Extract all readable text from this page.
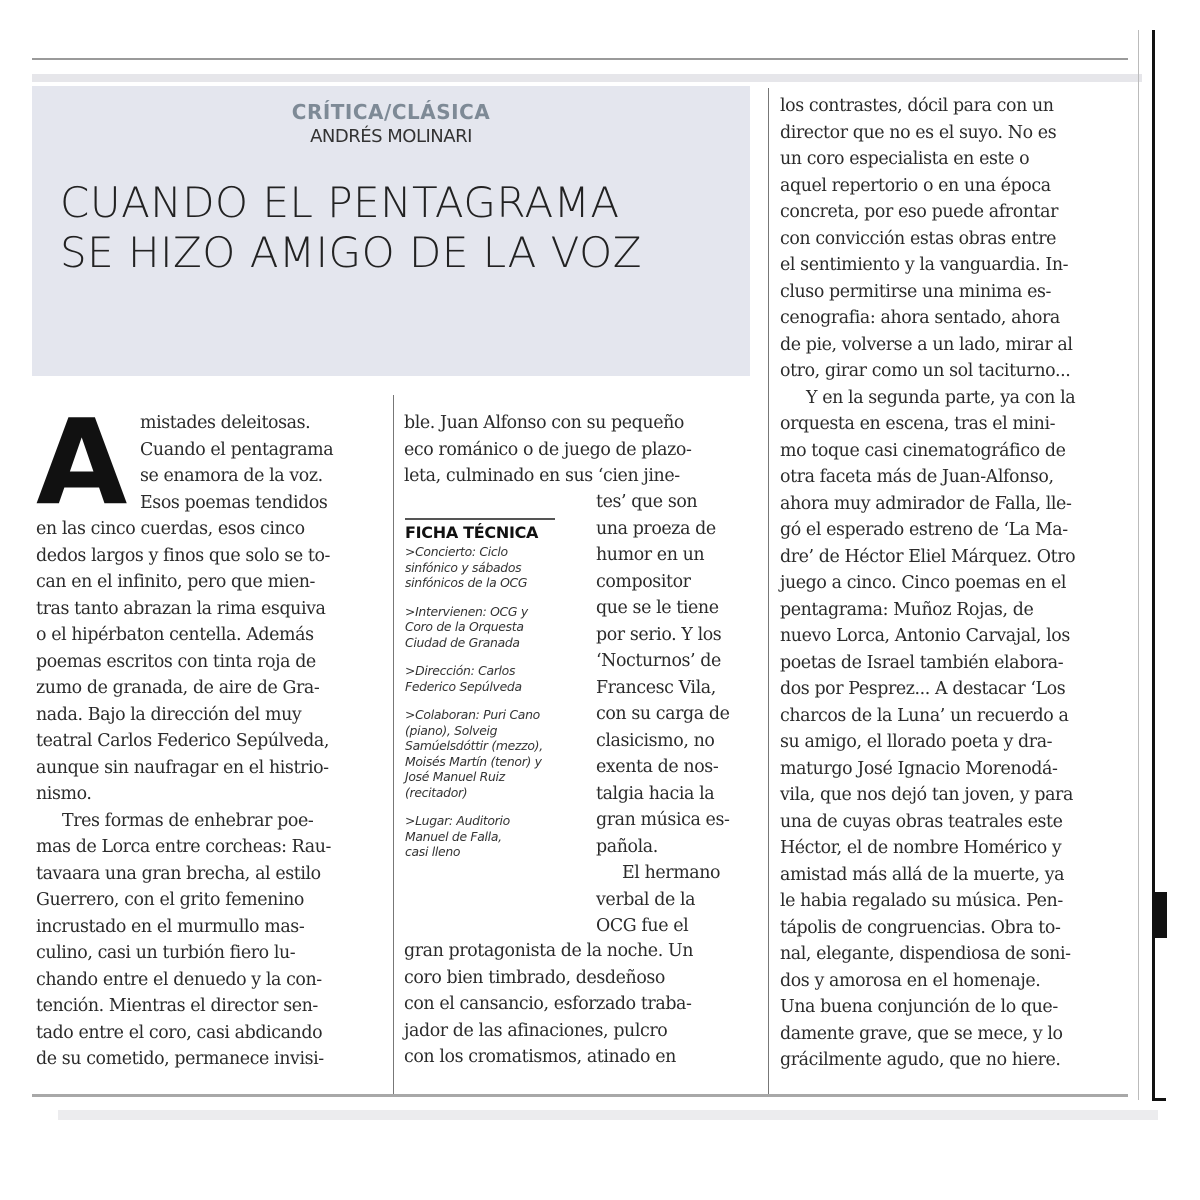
CRÍTICA/CLÁSICA
ANDRÉS MOLINARI
CUANDO EL PENTAGRAMA
SE HIZO AMIGO DE LA VOZ
A mistades deleitosas.
Cuando el pentagrama
se enamora de la voz.
Esos poemas tendidos
en las cinco cuerdas, esos cinco
dedos largos y finos que solo se to-
can en el infinito, pero que mien-
tras tanto abrazan la rima esquiva
o el hipérbaton centella. Además
poemas escritos con tinta roja de
zumo de granada, de aire de Gra-
nada. Bajo la dirección del muy
teatral Carlos Federico Sepúlveda,
aunque sin naufragar en el histrio-
nismo.
Tres formas de enhebrar poe-
mas de Lorca entre corcheas: Rau-
tavaara una gran brecha, al estilo
Guerrero, con el grito femenino
incrustado en el murmullo mas-
culino, casi un turbión fiero lu-
chando entre el denuedo y la con-
tención. Mientras el director sen-
tado entre el coro, casi abdicando
de su cometido, permanece invisi-
ble. Juan Alfonso con su pequeño
eco románico o de juego de plazo-
leta, culminado en sus ‘cien jine-
tes’ que son
una proeza de
humor en un
compositor
que se le tiene
por serio. Y los
‘Nocturnos’ de
Francesc Vila,
con su carga de
clasicismo, no
exenta de nos-
talgia hacia la
gran música es-
pañola.
El hermano
verbal de la
OCG fue el
gran protagonista de la noche. Un
coro bien timbrado, desdeñoso
con el cansancio, esforzado traba-
jador de las afinaciones, pulcro
con los cromatismos, atinado en
los contrastes, dócil para con un
director que no es el suyo. No es
un coro especialista en este o
aquel repertorio o en una época
concreta, por eso puede afrontar
con convicción estas obras entre
el sentimiento y la vanguardia. In-
cluso permitirse una minima es-
cenografia: ahora sentado, ahora
de pie, volverse a un lado, mirar al
otro, girar como un sol taciturno...
Y en la segunda parte, ya con la
orquesta en escena, tras el mini-
mo toque casi cinematográfico de
otra faceta más de Juan-Alfonso,
ahora muy admirador de Falla, lle-
gó el esperado estreno de ‘La Ma-
dre’ de Héctor Eliel Márquez. Otro
juego a cinco. Cinco poemas en el
pentagrama: Muñoz Rojas, de
nuevo Lorca, Antonio Carvajal, los
poetas de Israel también elabora-
dos por Pesprez... A destacar ‘Los
charcos de la Luna’ un recuerdo a
su amigo, el llorado poeta y dra-
maturgo José Ignacio Morenodá-
vila, que nos dejó tan joven, y para
una de cuyas obras teatrales este
Héctor, el de nombre Homérico y
amistad más allá de la muerte, ya
le habia regalado su música. Pen-
tápolis de congruencias. Obra to-
nal, elegante, dispendiosa de soni-
dos y amorosa en el homenaje.
Una buena conjunción de lo que-
damente grave, que se mece, y lo
grácilmente agudo, que no hiere.
FICHA TÉCNICA
>Concierto: Ciclo
sinfónico y sábados
sinfónicos de la OCG
>Intervienen: OCG y
Coro de la Orquesta
Ciudad de Granada
>Dirección: Carlos
Federico Sepúlveda
>Colaboran: Puri Cano
(piano), Solveig
Samúelsdóttir (mezzo),
Moisés Martín (tenor) y
José Manuel Ruiz
(recitador)
>Lugar: Auditorio
Manuel de Falla,
casi lleno
